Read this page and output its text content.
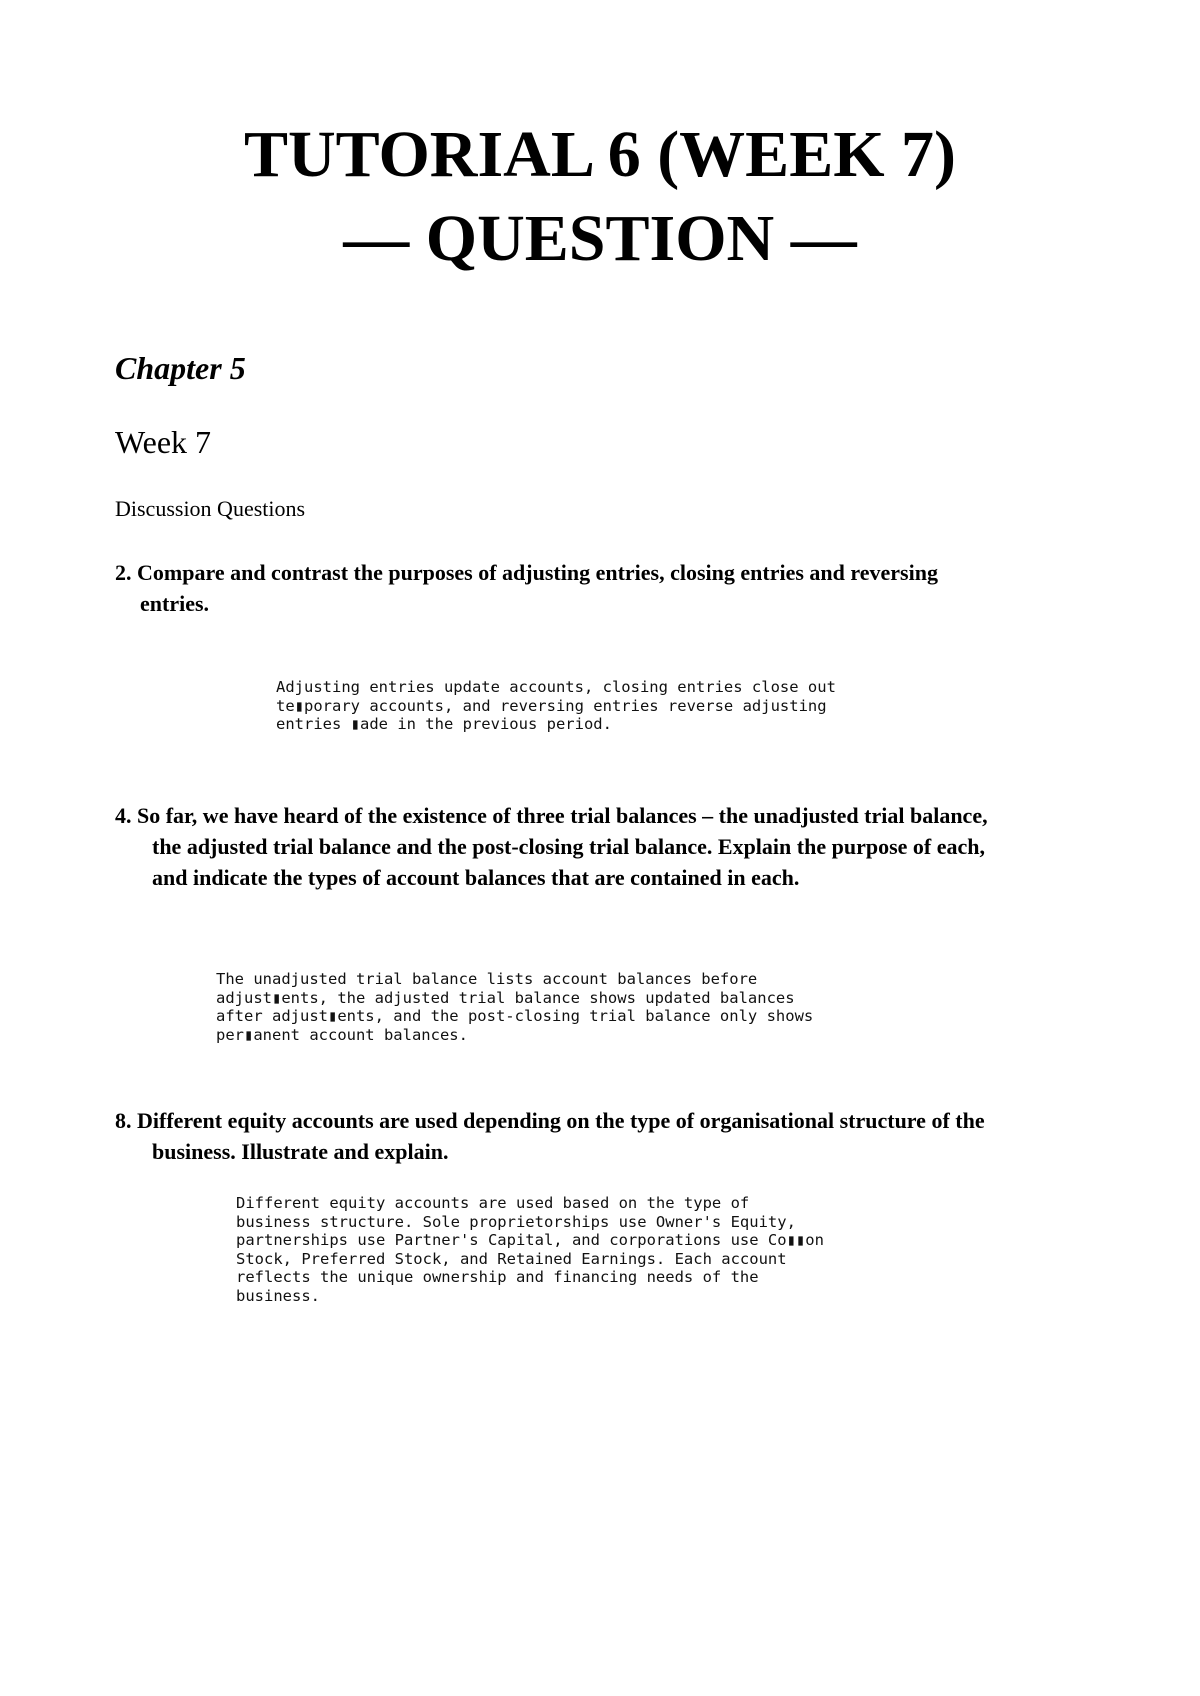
TUTORIAL 6 (WEEK 7)
— QUESTION —

Chapter 5

Week 7

Discussion Questions

2. Compare and contrast the purposes of adjusting entries, closing entries and reversing
entries.
Adjusting entries update accounts, closing entries close out
te▮porary accounts, and reversing entries reverse adjusting
entries ▮ade in the previous period.
4. So far, we have heard of the existence of three trial balances – the unadjusted trial balance,
the adjusted trial balance and the post-closing trial balance. Explain the purpose of each,
and indicate the types of account balances that are contained in each.
The unadjusted trial balance lists account balances before
adjust▮ents, the adjusted trial balance shows updated balances
after adjust▮ents, and the post-closing trial balance only shows
per▮anent account balances.
8. Different equity accounts are used depending on the type of organisational structure of the
business. Illustrate and explain.
Different equity accounts are used based on the type of
business structure. Sole proprietorships use Owner's Equity,
partnerships use Partner's Capital, and corporations use Co▮▮on
Stock, Preferred Stock, and Retained Earnings. Each account
reflects the unique ownership and financing needs of the
business.
